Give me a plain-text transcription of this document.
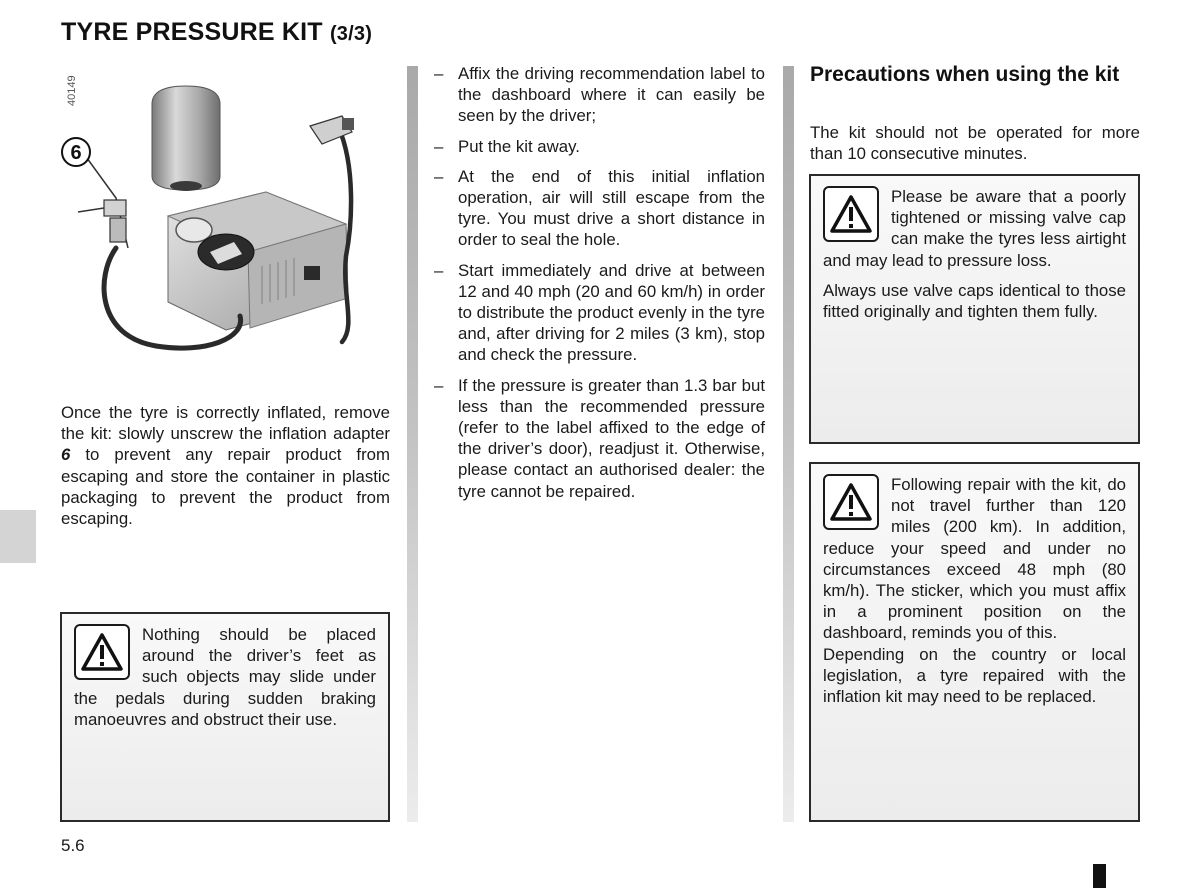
TYRE PRESSURE KIT (3/3)
40149
6

Once the tyre is correctly inflated, remove the kit: slowly unscrew the inflation adapter 6 to prevent any repair product from escaping and store the container in plastic packaging to prevent the product from escaping.

Nothing should be placed around the driver’s feet as such objects may slide under the pedals during sudden braking manoeuvres and obstruct their use.

– Affix the driving recommendation label to the dashboard where it can easily be seen by the driver;
– Put the kit away.
– At the end of this initial inflation operation, air will still escape from the tyre. You must drive a short distance in order to seal the hole.
– Start immediately and drive at between 12 and 40 mph (20 and 60 km/h) in order to distribute the product evenly in the tyre and, after driving for 2 miles (3 km), stop and check the pressure.
– If the pressure is greater than 1.3 bar but less than the recommended pressure (refer to the label affixed to the edge of the driver’s door), readjust it. Otherwise, please contact an authorised dealer: the tyre cannot be repaired.
Precautions when using the kit

The kit should not be operated for more than 10 consecutive minutes.

Please be aware that a poorly tightened or missing valve cap can make the tyres less airtight and may lead to pressure loss.

Always use valve caps identical to those fitted originally and tighten them fully.

Following repair with the kit, do not travel further than 120 miles (200 km). In addition, reduce your speed and under no circumstances exceed 48 mph (80 km/h). The sticker, which you must affix in a prominent position on the dashboard, reminds you of this.

Depending on the country or local legislation, a tyre repaired with the inflation kit may need to be replaced.

5.6
